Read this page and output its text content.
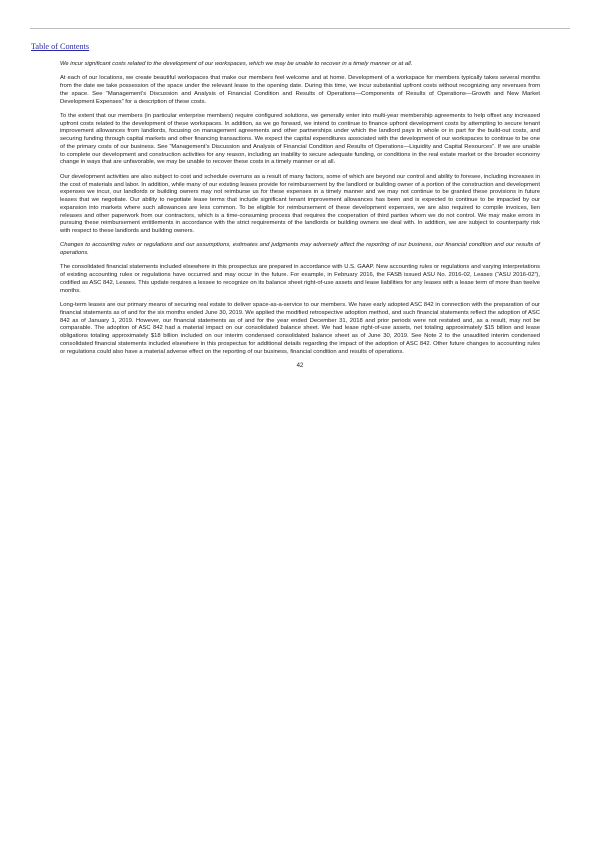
Table of Contents

We incur significant costs related to the development of our workspaces, which we may be unable to recover in a timely manner or at all.

At each of our locations, we create beautiful workspaces that make our members feel welcome and at home. Development of a workspace for members typically takes several months from the date we take possession of the space under the relevant lease to the opening date. During this time, we incur substantial upfront costs without recognizing any revenues from the space. See “Management’s Discussion and Analysis of Financial Condition and Results of Operations—Components of Results of Operations—Growth and New Market Development Expenses” for a description of these costs.

To the extent that our members (in particular enterprise members) require configured solutions, we generally enter into multi-year membership agreements to help offset any increased upfront costs related to the development of these workspaces. In addition, as we go forward, we intend to continue to finance upfront development costs by attempting to secure tenant improvement allowances from landlords, focusing on management agreements and other partnerships under which the landlord pays in whole or in part for the build-out costs, and securing funding through capital markets and other financing transactions. We expect the capital expenditures associated with the development of our workspaces to continue to be one of the primary costs of our business. See “Management’s Discussion and Analysis of Financial Condition and Results of Operations—Liquidity and Capital Resources”. If we are unable to complete our development and construction activities for any reason, including an inability to secure adequate funding, or conditions in the real estate market or the broader economy change in ways that are unfavorable, we may be unable to recover these costs in a timely manner or at all.

Our development activities are also subject to cost and schedule overruns as a result of many factors, some of which are beyond our control and ability to foresee, including increases in the cost of materials and labor. In addition, while many of our existing leases provide for reimbursement by the landlord or building owner of a portion of the construction and development expenses we incur, our landlords or building owners may not reimburse us for these expenses in a timely manner and we may not continue to be granted these provisions in future leases that we negotiate. Our ability to negotiate lease terms that include significant tenant improvement allowances has been and is expected to continue to be impacted by our expansion into markets where such allowances are less common. To be eligible for reimbursement of these development expenses, we are also required to compile invoices, lien releases and other paperwork from our contractors, which is a time-consuming process that requires the cooperation of third parties whom we do not control. We may make errors in pursuing these reimbursement entitlements in accordance with the strict requirements of the landlords or building owners we deal with. In addition, we are subject to counterparty risk with respect to these landlords and building owners.

Changes to accounting rules or regulations and our assumptions, estimates and judgments may adversely affect the reporting of our business, our financial condition and our results of operations.

The consolidated financial statements included elsewhere in this prospectus are prepared in accordance with U.S. GAAP. New accounting rules or regulations and varying interpretations of existing accounting rules or regulations have occurred and may occur in the future. For example, in February 2016, the FASB issued ASU No. 2016-02, Leases (“ASU 2016-02”), codified as ASC 842, Leases. This update requires a lessee to recognize on its balance sheet right-of-use assets and lease liabilities for any leases with a lease term of more than twelve months.

Long-term leases are our primary means of securing real estate to deliver space-as-a-service to our members. We have early adopted ASC 842 in connection with the preparation of our financial statements as of and for the six months ended June 30, 2019. We applied the modified retrospective adoption method, and such financial statements reflect the adoption of ASC 842 as of January 1, 2019. However, our financial statements as of and for the year ended December 31, 2018 and prior periods were not restated and, as a result, may not be comparable. The adoption of ASC 842 had a material impact on our consolidated balance sheet. We had lease right-of-use assets, net totaling approximately $15 billion and lease obligations totaling approximately $18 billion included on our interim condensed consolidated balance sheet as of June 30, 2019. See Note 2 to the unaudited interim condensed consolidated financial statements included elsewhere in this prospectus for additional details regarding the impact of the adoption of ASC 842. Other future changes to accounting rules or regulations could also have a material adverse effect on the reporting of our business, financial condition and results of operations.

42
